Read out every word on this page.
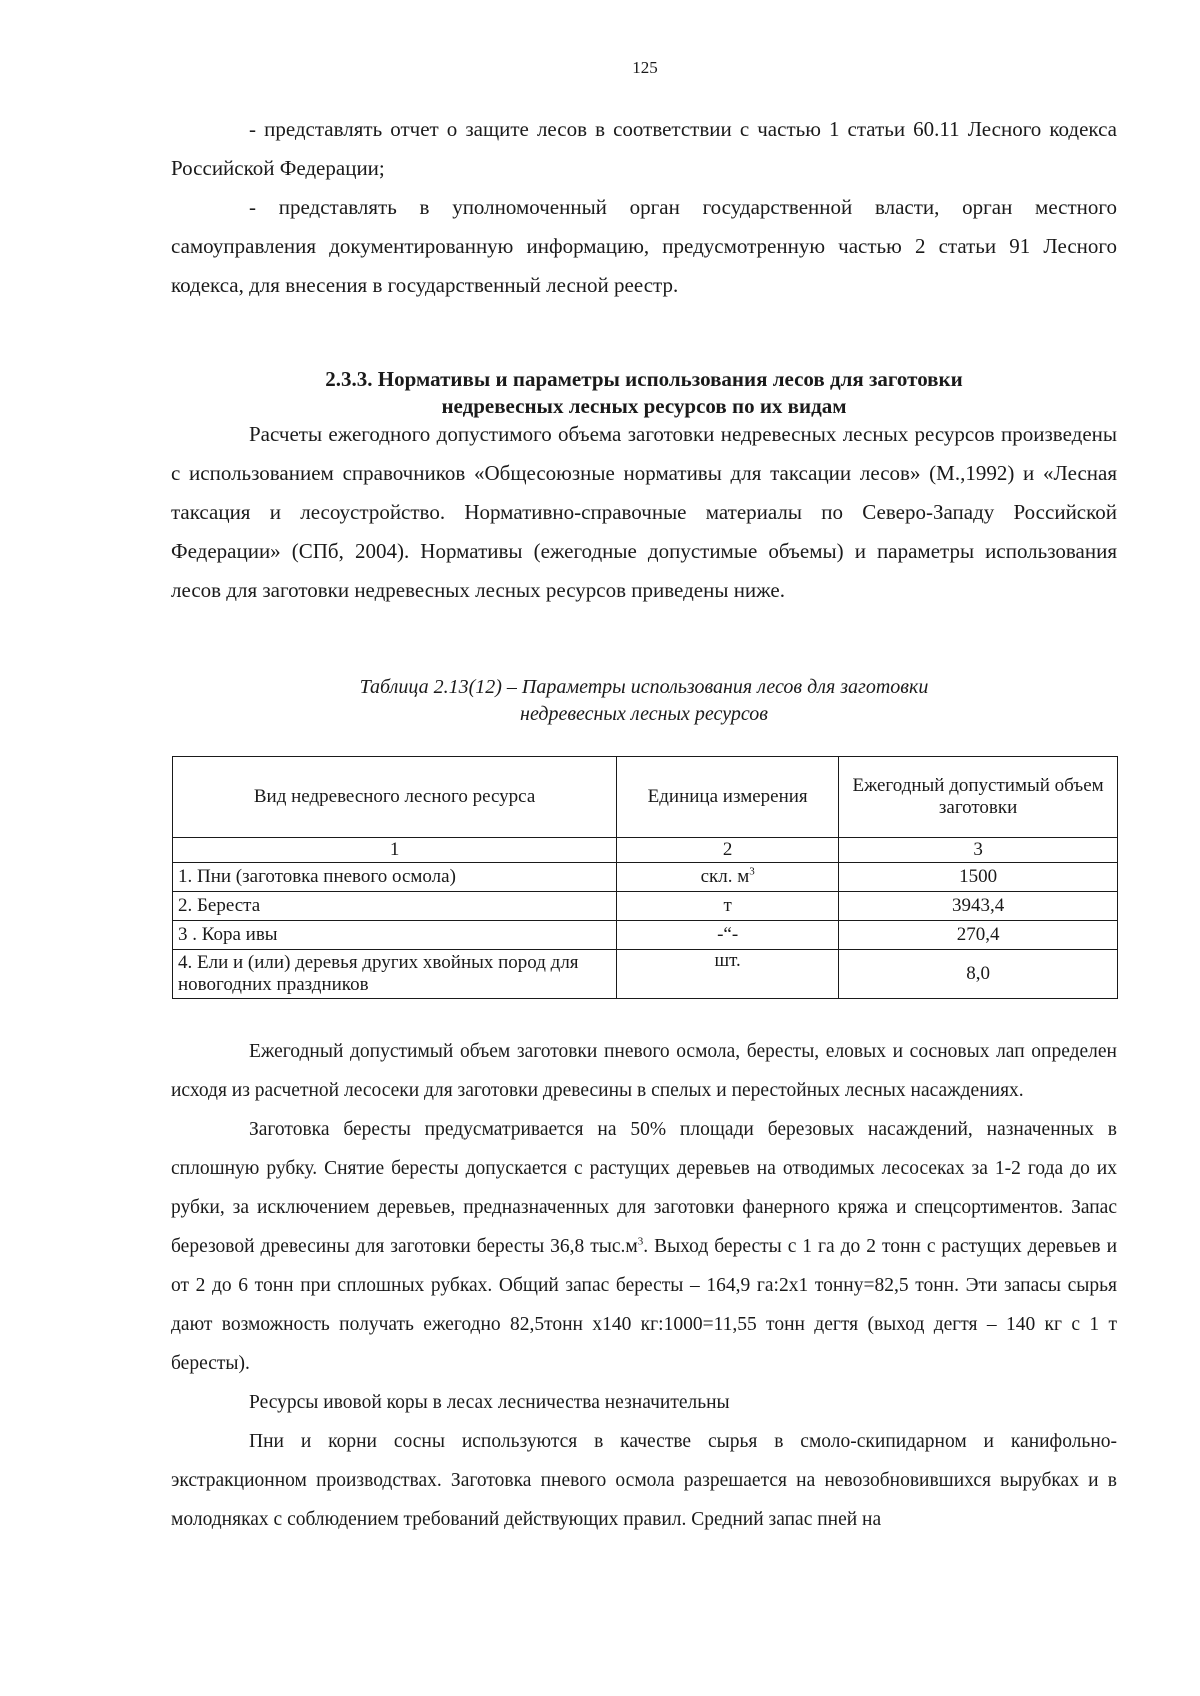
125

- представлять отчет о защите лесов в соответствии с частью 1 статьи 60.11 Лесного кодекса Российской Федерации;

- представлять в уполномоченный орган государственной власти, орган местного самоуправления документированную информацию, предусмотренную частью 2 статьи 91 Лесного кодекса, для внесения в государственный лесной реестр.

2.3.3. Нормативы и параметры использования лесов для заготовки
недревесных лесных ресурсов по их видам

Расчеты ежегодного допустимого объема заготовки недревесных лесных ресурсов произведены с использованием справочников «Общесоюзные нормативы для таксации лесов» (М.,1992) и «Лесная таксация и лесоустройство. Нормативно-справочные материалы по Северо-Западу Российской Федерации» (СПб, 2004). Нормативы (ежегодные допустимые объемы) и параметры использования лесов для заготовки недревесных лесных ресурсов приведены ниже.

Таблица 2.13(12) – Параметры использования лесов для заготовки
недревесных лесных ресурсов
Вид недревесного лесного ресурса	Единица измерения	Ежегодный допустимый объем заготовки
1	2	3
1. Пни (заготовка пневого осмола)	скл. $м^3$	1500
2. Береста	т	3943,4
3 . Кора ивы	-“-	270,4
4. Ели и (или) деревья других хвойных пород для новогодних праздников	шт.	8,0

Ежегодный допустимый объем заготовки пневого осмола, бересты, еловых и сосновых лап определен исходя из расчетной лесосеки для заготовки древесины в спелых и перестойных лесных насаждениях.

Заготовка бересты предусматривается на 50% площади березовых насаждений, назначенных в сплошную рубку. Снятие бересты допускается с растущих деревьев на отводимых лесосеках за 1-2 года до их рубки, за исключением деревьев, предназначенных для заготовки фанерного кряжа и спецсортиментов. Запас березовой древесины для заготовки бересты 36,8 $тыс.м^3$. Выход бересты с 1 га до 2 тонн с растущих деревьев и от 2 до 6 тонн при сплошных рубках. Общий запас бересты – 164,9 га:2х1 тонну=82,5 тонн. Эти запасы сырья дают возможность получать ежегодно 82,5тонн х140 кг:1000=11,55 тонн дегтя (выход дегтя – 140 кг с 1 т бересты).

Ресурсы ивовой коры в лесах лесничества незначительны

Пни и корни сосны используются в качестве сырья в смоло-скипидарном и канифольно-экстракционном производствах. Заготовка пневого осмола разрешается на невозобновившихся вырубках и в молодняках с соблюдением требований действующих правил. Средний запас пней на
